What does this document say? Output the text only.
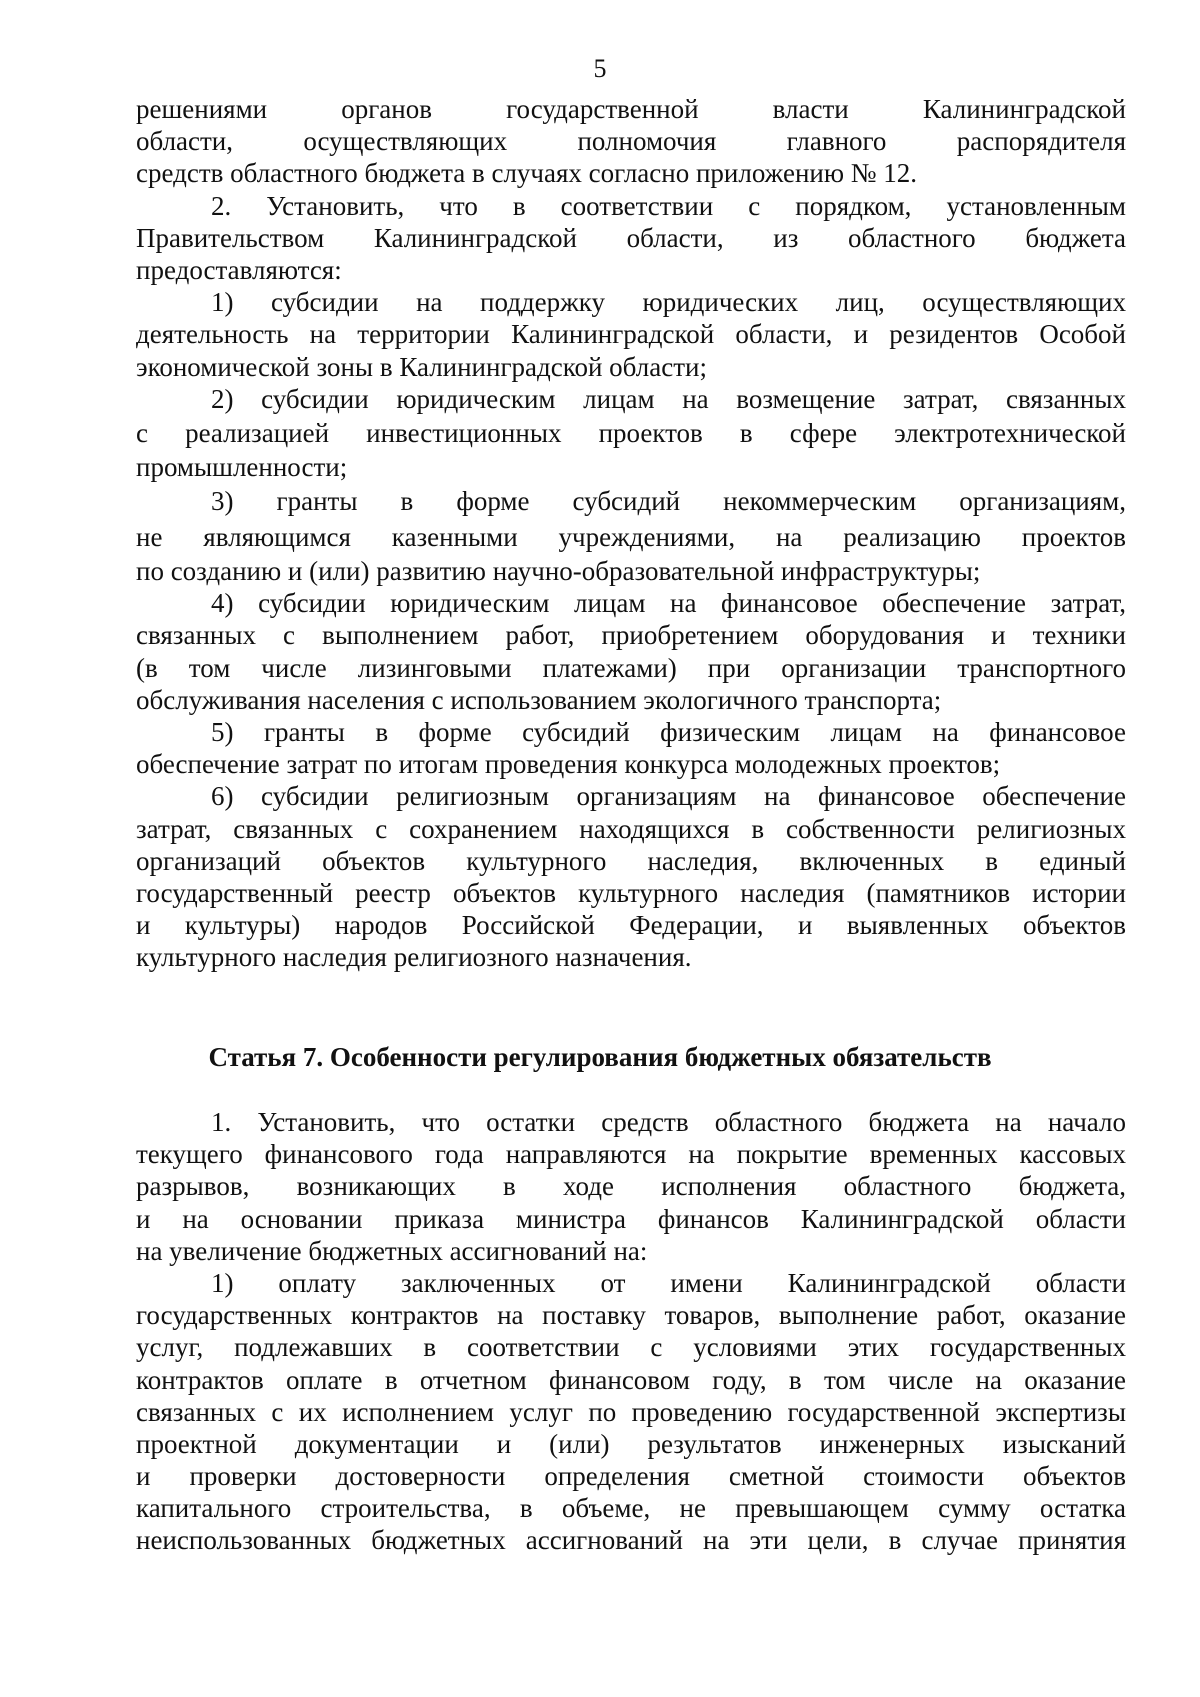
5
решениями органов государственной власти Калининградской
области, осуществляющих полномочия главного распорядителя
средств областного бюджета в случаях согласно приложению № 12.
2. Установить, что в соответствии с порядком, установленным
Правительством Калининградской области, из областного бюджета
предоставляются:
1) субсидии на поддержку юридических лиц, осуществляющих
деятельность на территории Калининградской области, и резидентов Особой
экономической зоны в Калининградской области;
2) субсидии юридическим лицам на возмещение затрат, связанных
с реализацией инвестиционных проектов в сфере электротехнической
промышленности;
3) гранты в форме субсидий некоммерческим организациям,
не являющимся казенными учреждениями, на реализацию проектов
по созданию и (или) развитию научно-образовательной инфраструктуры;
4) субсидии юридическим лицам на финансовое обеспечение затрат,
связанных с выполнением работ, приобретением оборудования и техники
(в том числе лизинговыми платежами) при организации транспортного
обслуживания населения с использованием экологичного транспорта;
5) гранты в форме субсидий физическим лицам на финансовое
обеспечение затрат по итогам проведения конкурса молодежных проектов;
6) субсидии религиозным организациям на финансовое обеспечение
затрат, связанных с сохранением находящихся в собственности религиозных
организаций объектов культурного наследия, включенных в единый
государственный реестр объектов культурного наследия (памятников истории
и культуры) народов Российской Федерации, и выявленных объектов
культурного наследия религиозного назначения.
Статья 7. Особенности регулирования бюджетных обязательств
1. Установить, что остатки средств областного бюджета на начало
текущего финансового года направляются на покрытие временных кассовых
разрывов, возникающих в ходе исполнения областного бюджета,
и на основании приказа министра финансов Калининградской области
на увеличение бюджетных ассигнований на:
1) оплату заключенных от имени Калининградской области
государственных контрактов на поставку товаров, выполнение работ, оказание
услуг, подлежавших в соответствии с условиями этих государственных
контрактов оплате в отчетном финансовом году, в том числе на оказание
связанных с их исполнением услуг по проведению государственной экспертизы
проектной документации и (или) результатов инженерных изысканий
и проверки достоверности определения сметной стоимости объектов
капитального строительства, в объеме, не превышающем сумму остатка
неиспользованных бюджетных ассигнований на эти цели, в случае принятия
